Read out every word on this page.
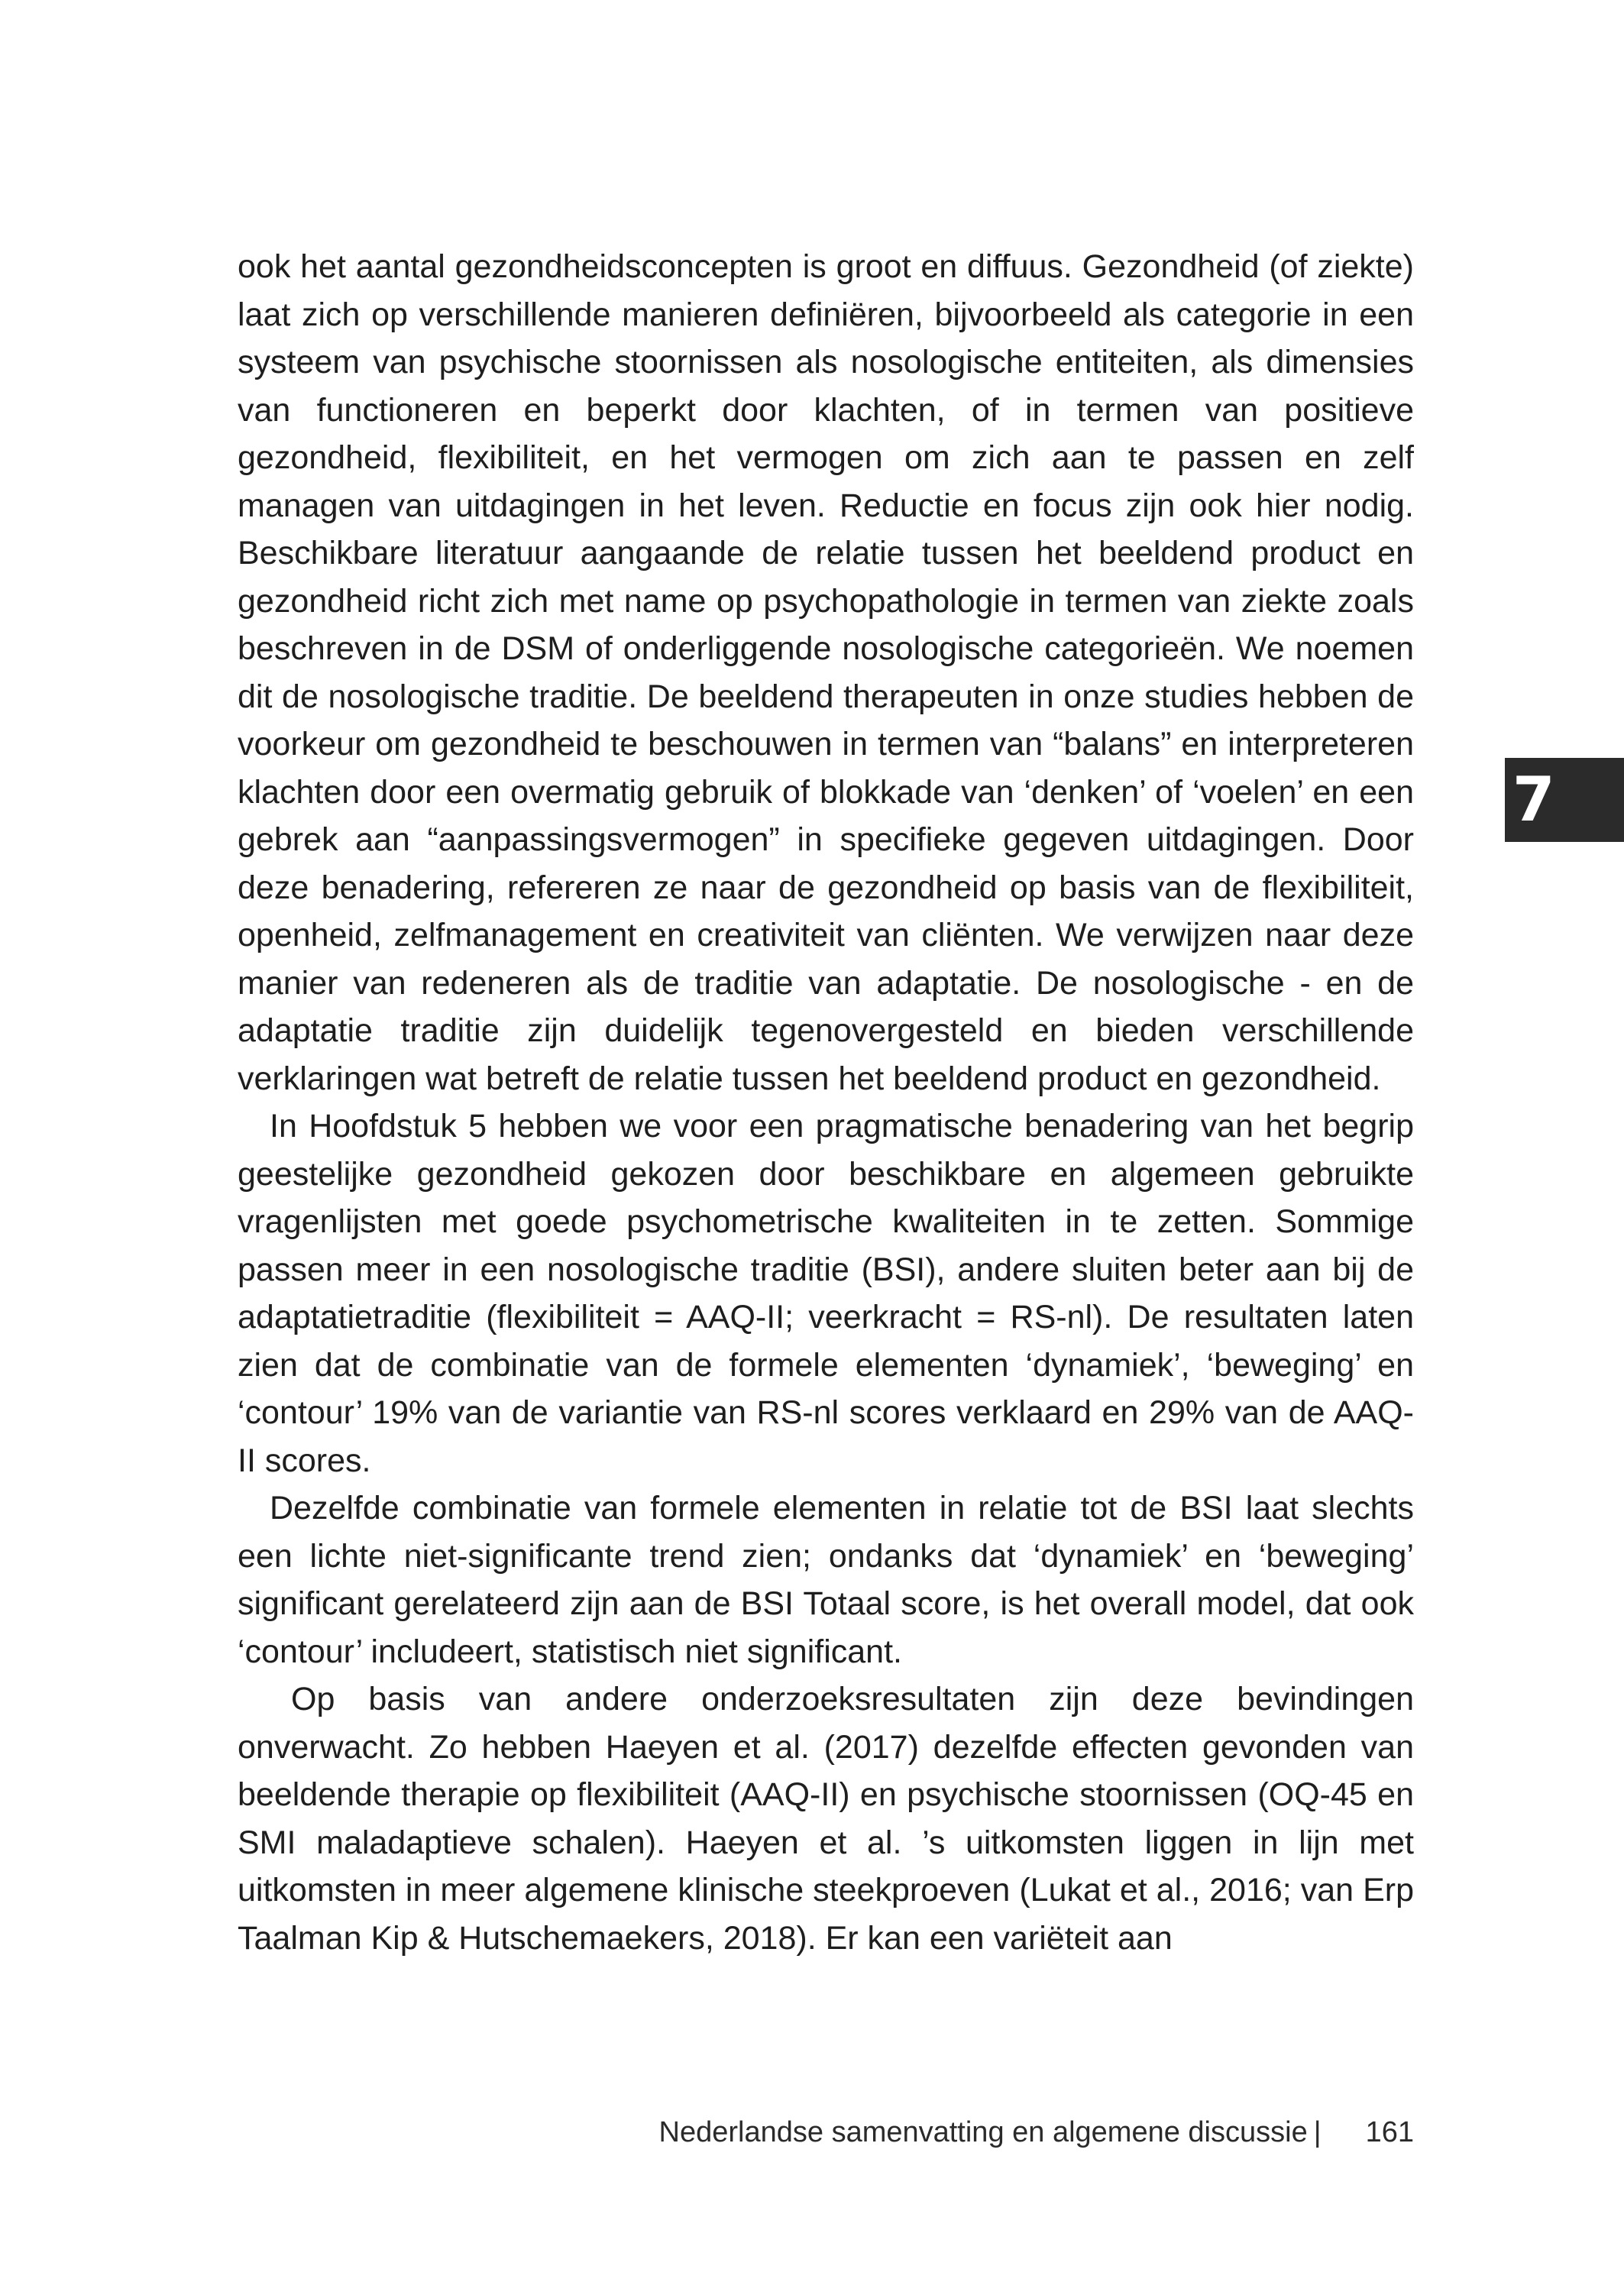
ook het aantal gezondheidsconcepten is groot en diffuus. Gezondheid (of ziekte) laat zich op verschillende manieren definiëren, bijvoorbeeld als categorie in een systeem van psychische stoornissen als nosologische entiteiten, als dimensies van functioneren en beperkt door klachten, of in termen van positieve gezondheid, flexibiliteit, en het vermogen om zich aan te passen en zelf managen van uitdagingen in het leven. Reductie en focus zijn ook hier nodig. Beschikbare literatuur aangaande de relatie tussen het beeldend product en gezondheid richt zich met name op psychopathologie in termen van ziekte zoals beschreven in de DSM of onderliggende nosologische categorieën. We noemen dit de nosologische traditie. De beeldend therapeuten in onze studies hebben de voorkeur om gezondheid te beschouwen in termen van “balans” en interpreteren klachten door een overmatig gebruik of blokkade van ‘denken’ of ‘voelen’ en een gebrek aan “aanpassingsvermogen” in specifieke gegeven uitdagingen. Door deze benadering, refereren ze naar de gezondheid op basis van de flexibiliteit, openheid, zelfmanagement en creativiteit van cliënten. We verwijzen naar deze manier van redeneren als de traditie van adaptatie. De nosologische - en de adaptatie traditie zijn duidelijk tegenovergesteld en bieden verschillende verklaringen wat betreft de relatie tussen het beeldend product en gezondheid.

In Hoofdstuk 5 hebben we voor een pragmatische benadering van het begrip geestelijke gezondheid gekozen door beschikbare en algemeen gebruikte vragenlijsten met goede psychometrische kwaliteiten in te zetten. Sommige passen meer in een nosologische traditie (BSI), andere sluiten beter aan bij de adaptatietraditie (flexibiliteit = AAQ-II; veerkracht = RS-nl). De resultaten laten zien dat de combinatie van de formele elementen ‘dynamiek’, ‘beweging’ en ‘contour’ 19% van de variantie van RS-nl scores verklaard en 29% van de AAQ-II scores.

Dezelfde combinatie van formele elementen in relatie tot de BSI laat slechts een lichte niet-significante trend zien; ondanks dat ‘dynamiek’ en ‘beweging’ significant gerelateerd zijn aan de BSI Totaal score, is het overall model, dat ook ‘contour’ includeert, statistisch niet significant.

Op basis van andere onderzoeksresultaten zijn deze bevindingen onverwacht. Zo hebben Haeyen et al. (2017) dezelfde effecten gevonden van beeldende therapie op flexibiliteit (AAQ-II) en psychische stoornissen (OQ-45 en SMI maladaptieve schalen). Haeyen et al. ’s uitkomsten liggen in lijn met uitkomsten in meer algemene klinische steekproeven (Lukat et al., 2016; van Erp Taalman Kip & Hutschemaekers, 2018). Er kan een variëteit aan

7
Nederlandse samenvatting en algemene discussie | 161
